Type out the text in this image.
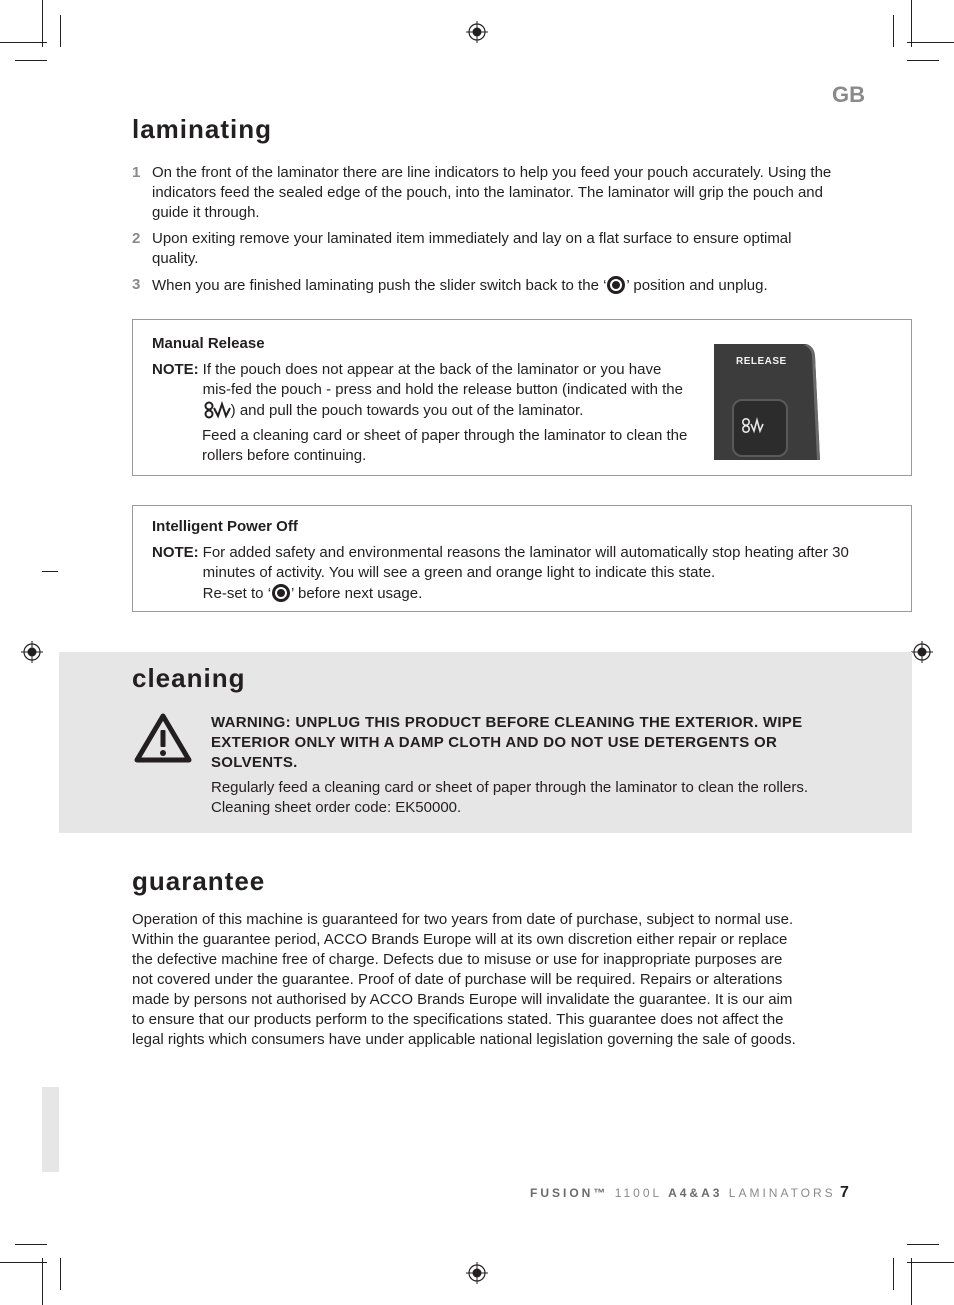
GB
laminating
1 On the front of the laminator there are line indicators to help you feed your pouch accurately. Using the indicators feed the sealed edge of the pouch, into the laminator. The laminator will grip the pouch and guide it through.
2 Upon exiting remove your laminated item immediately and lay on a flat surface to ensure optimal quality.
3 When you are finished laminating push the slider switch back to the ‘ ’ position and unplug.
Manual Release
NOTE: If the pouch does not appear at the back of the laminator or you have mis-fed the pouch - press and hold the release button (indicated with the ) and pull the pouch towards you out of the laminator.
Feed a cleaning card or sheet of paper through the laminator to clean the rollers before continuing.
RELEASE
Intelligent Power Off
NOTE: For added safety and environmental reasons the laminator will automatically stop heating after 30 minutes of activity. You will see a green and orange light to indicate this state.
Re-set to ‘ ’ before next usage.
cleaning
WARNING: UNPLUG THIS PRODUCT BEFORE CLEANING THE EXTERIOR. WIPE EXTERIOR ONLY WITH A DAMP CLOTH AND DO NOT USE DETERGENTS OR SOLVENTS.
Regularly feed a cleaning card or sheet of paper through the laminator to clean the rollers. Cleaning sheet order code: EK50000.
guarantee
Operation of this machine is guaranteed for two years from date of purchase, subject to normal use. Within the guarantee period, ACCO Brands Europe will at its own discretion either repair or replace the defective machine free of charge. Defects due to misuse or use for inappropriate purposes are not covered under the guarantee. Proof of date of purchase will be required. Repairs or alterations made by persons not authorised by ACCO Brands Europe will invalidate the guarantee. It is our aim to ensure that our products perform to the specifications stated. This guarantee does not affect the legal rights which consumers have under applicable national legislation governing the sale of goods.
FUSION™ 1100L A4&A3 LAMINATORS 7
